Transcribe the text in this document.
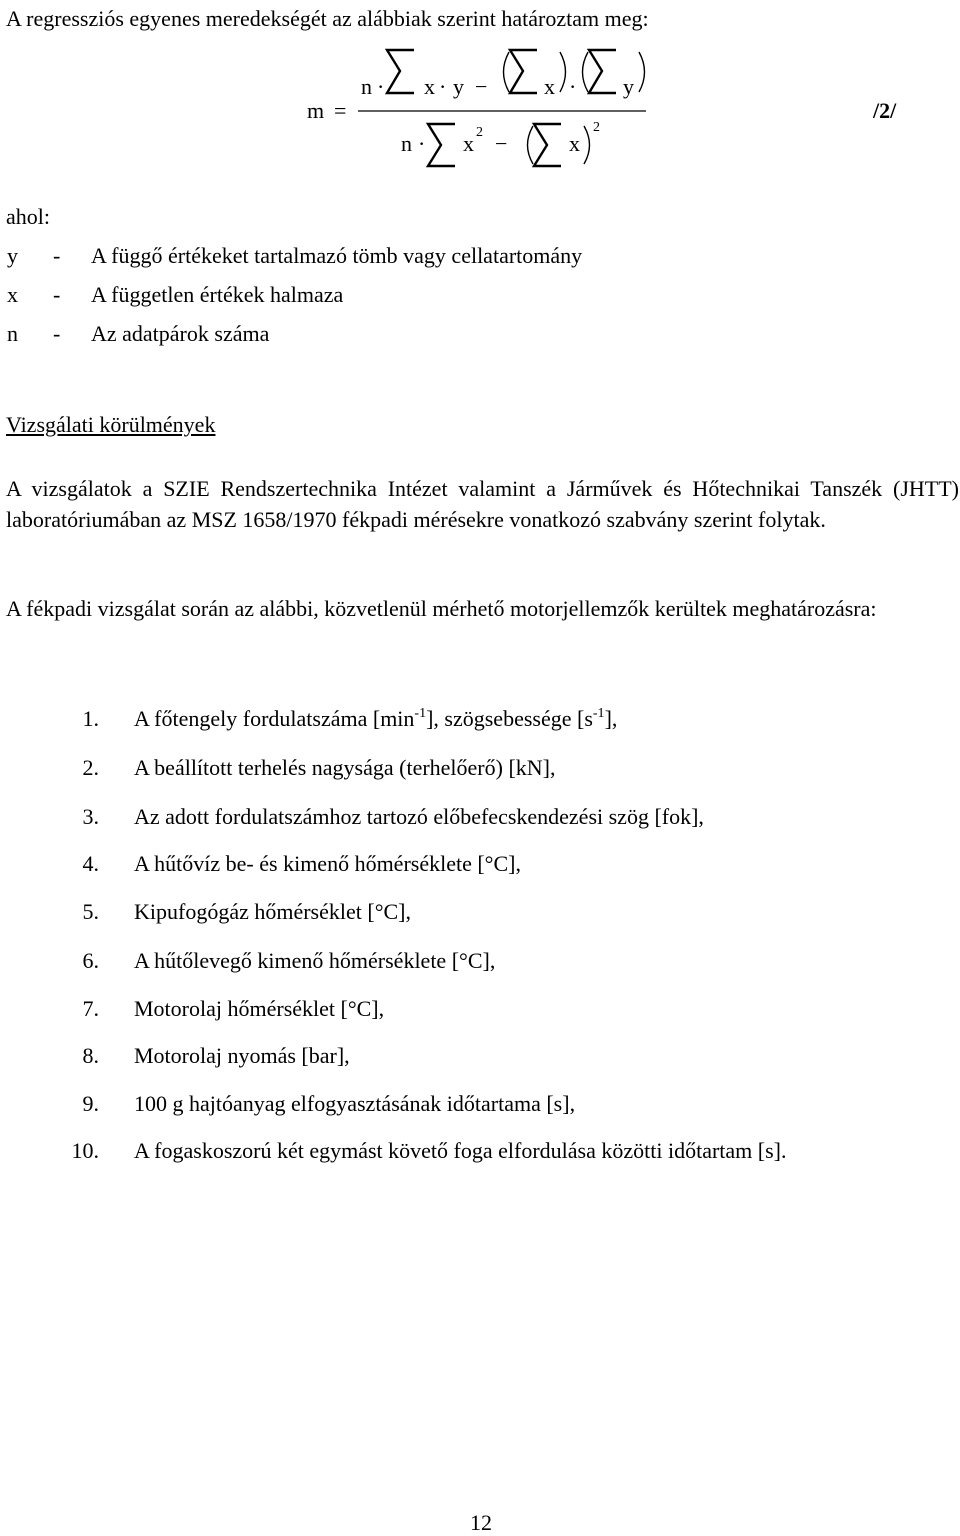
A regressziós egyenes meredekségét az alábbiak szerint határoztam meg:
m =
n · x · y −	x · y
n · x 2 −	x
2
/2/
ahol:
y	- A függő értékeket tartalmazó tömb vagy cellatartomány
x	- A független értékek halmaza
n	- Az adatpárok száma
Vizsgálati körülmények
A vizsgálatok a SZIE Rendszertechnika Intézet valamint a Járművek és Hőtechnikai Tanszék (JHTT) laboratóriumában az MSZ 1658/1970 fékpadi mérésekre vonatkozó szabvány szerint folytak.
A fékpadi vizsgálat során az alábbi, közvetlenül mérhető motorjellemzők kerültek meghatározásra:
1. A főtengely fordulatszáma $[\min^{-1}]$, szögsebessége $[s^{-1}]$,
2. A beállított terhelés nagysága (terhelőerő) [kN],
3. Az adott fordulatszámhoz tartozó előbefecskendezési szög [fok],
4. A hűtővíz be- és kimenő hőmérséklete [°C],
5. Kipufogógáz hőmérséklet [°C],
6. A hűtőlevegő kimenő hőmérséklete [°C],
7. Motorolaj hőmérséklet [°C],
8. Motorolaj nyomás [bar],
9. 100 g hajtóanyag elfogyasztásának időtartama [s],
10. A fogaskoszorú két egymást követő foga elfordulása közötti időtartam [s].
12
